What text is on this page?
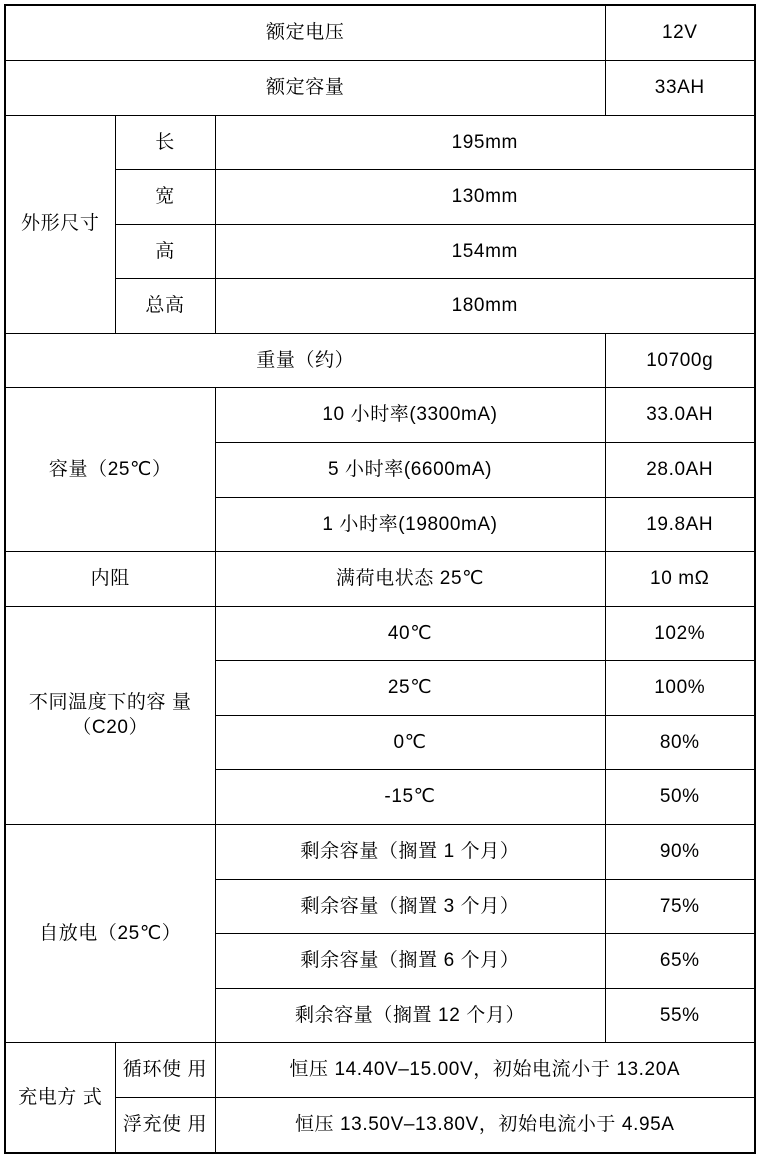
额定电压			12V
额定容量			33AH
外形尺寸	长	195mm	
	宽	130mm	
	高	154mm	
	总高	180mm	
重量（约）			10700g
容量（25℃）		10 小时率(3300mA)	33.0AH
		5 小时率(6600mA)	28.0AH
		1 小时率(19800mA)	19.8AH
内阻		满荷电状态 25℃	10 mΩ
不同温度下的容 量（C20）		40℃	102%
		25℃	100%
		0℃	80%
		-15℃	50%
自放电（25℃）		剩余容量（搁置 1 个月）	90%
		剩余容量（搁置 3 个月）	75%
		剩余容量（搁置 6 个月）	65%
		剩余容量（搁置 12 个月）	55%
充电方 式	循环使 用	恒压 14.40V–15.00V，初始电流小于 13.20A	
	浮充使 用	恒压 13.50V–13.80V，初始电流小于 4.95A	
